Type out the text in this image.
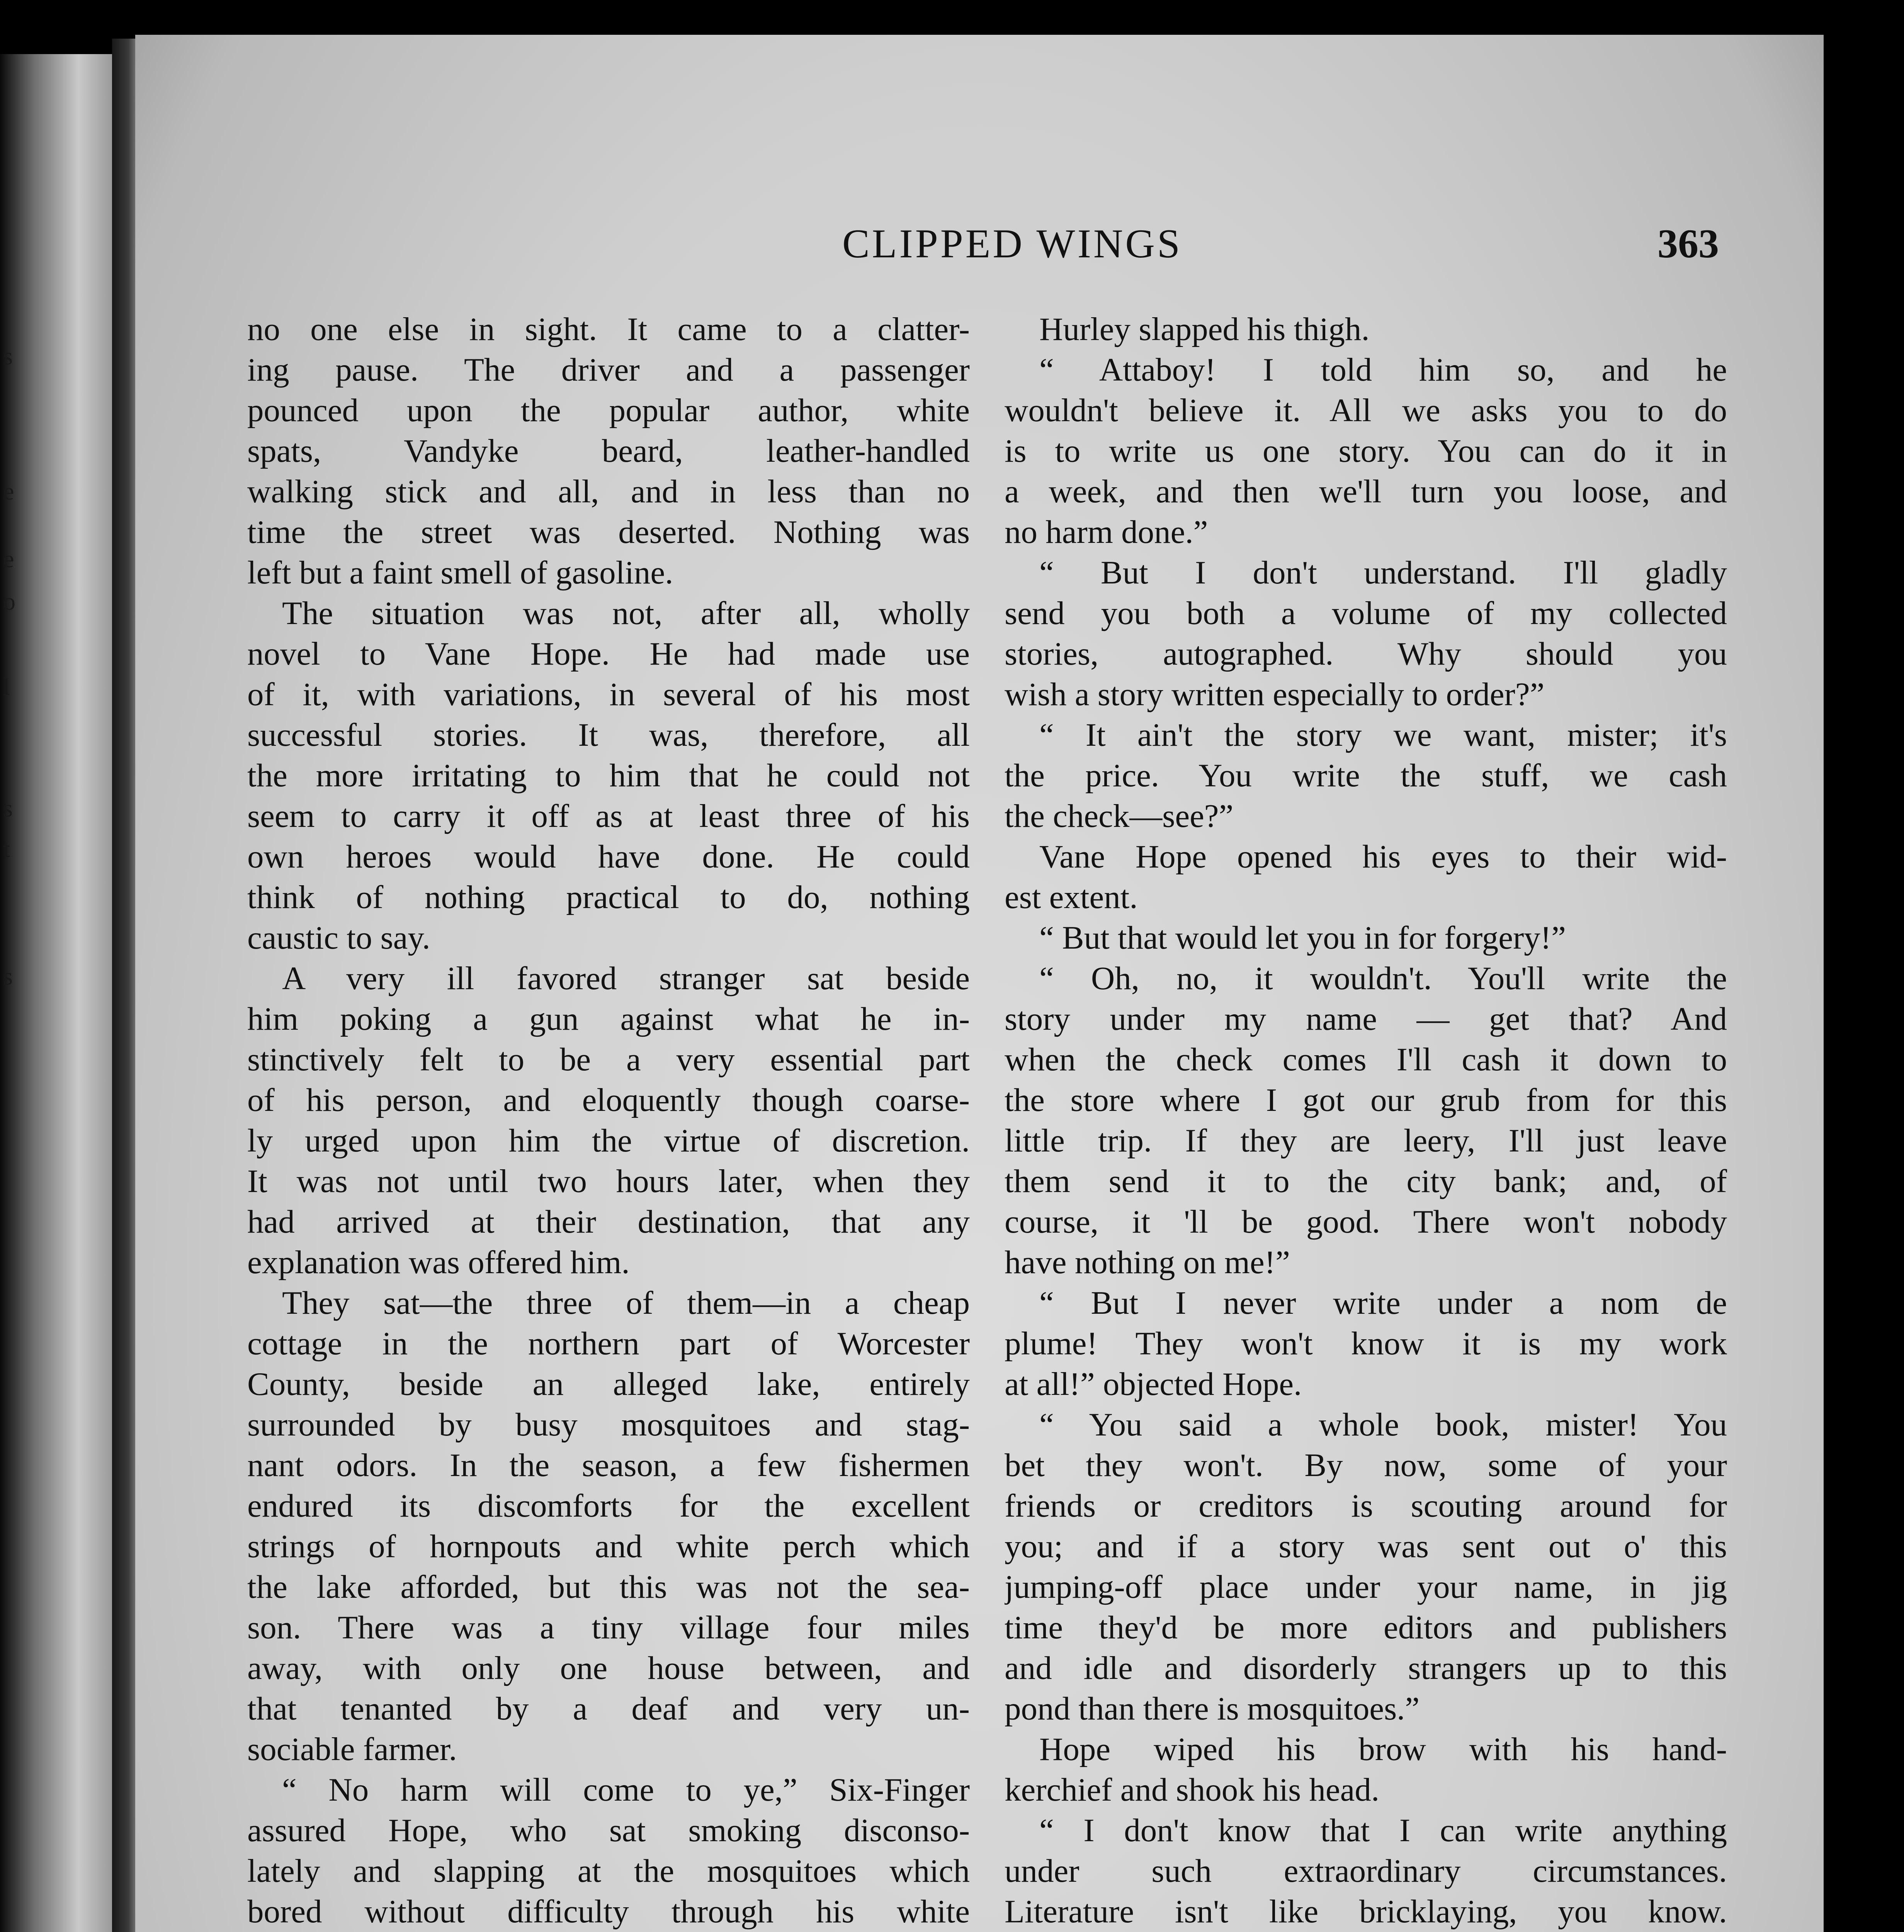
s
e
e
o
l
s
t
s
CLIPPED WINGS	363
no one else in sight. It came to a clatter-
ing pause. The driver and a passenger
pounced upon the popular author, white
spats, Vandyke beard, leather-handled
walking stick and all, and in less than no
time the street was deserted. Nothing was
left but a faint smell of gasoline.
The situation was not, after all, wholly
novel to Vane Hope. He had made use
of it, with variations, in several of his most
successful stories. It was, therefore, all
the more irritating to him that he could not
seem to carry it off as at least three of his
own heroes would have done. He could
think of nothing practical to do, nothing
caustic to say.
A very ill favored stranger sat beside
him poking a gun against what he in-
stinctively felt to be a very essential part
of his person, and eloquently though coarse-
ly urged upon him the virtue of discretion.
It was not until two hours later, when they
had arrived at their destination, that any
explanation was offered him.
They sat—the three of them—in a cheap
cottage in the northern part of Worcester
County, beside an alleged lake, entirely
surrounded by busy mosquitoes and stag-
nant odors. In the season, a few fishermen
endured its discomforts for the excellent
strings of hornpouts and white perch which
the lake afforded, but this was not the sea-
son. There was a tiny village four miles
away, with only one house between, and
that tenanted by a deaf and very un-
sociable farmer.
“ No harm will come to ye,” Six-Finger
assured Hope, who sat smoking disconso-
lately and slapping at the mosquitoes which
bored without difficulty through his white
Hurley slapped his thigh.
“ Attaboy! I told him so, and he
wouldn't believe it. All we asks you to do
is to write us one story. You can do it in
a week, and then we'll turn you loose, and
no harm done.”
“ But I don't understand. I'll gladly
send you both a volume of my collected
stories, autographed. Why should you
wish a story written especially to order?”
“ It ain't the story we want, mister; it's
the price. You write the stuff, we cash
the check—see?”
Vane Hope opened his eyes to their wid-
est extent.
“ But that would let you in for forgery!”
“ Oh, no, it wouldn't. You'll write the
story under my name — get that? And
when the check comes I'll cash it down to
the store where I got our grub from for this
little trip. If they are leery, I'll just leave
them send it to the city bank; and, of
course, it 'll be good. There won't nobody
have nothing on me!”
“ But I never write under a nom de
plume! They won't know it is my work
at all!” objected Hope.
“ You said a whole book, mister! You
bet they won't. By now, some of your
friends or creditors is scouting around for
you; and if a story was sent out o' this
jumping-off place under your name, in jig
time they'd be more editors and publishers
and idle and disorderly strangers up to this
pond than there is mosquitoes.”
Hope wiped his brow with his hand-
kerchief and shook his head.
“ I don't know that I can write anything
under such extraordinary circumstances.
Literature isn't like bricklaying, you know.
